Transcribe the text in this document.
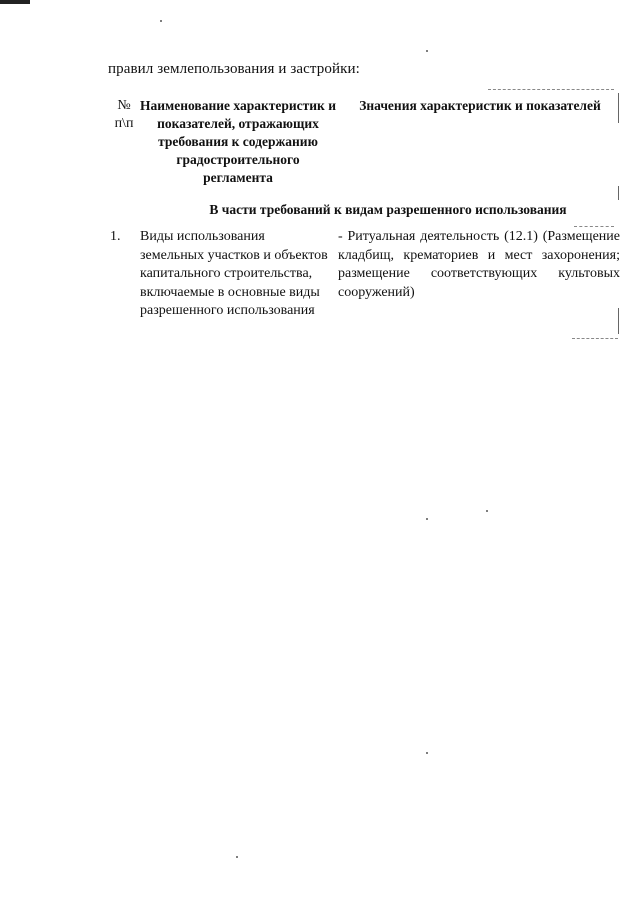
правил землепользования и застройки:
№ п\п
Наименование характеристик и показателей, отражающих требования к содержанию градостроительного регламента
Значения характеристик и показателей
В части требований к видам разрешенного использования
1.	Виды использования земельных участков и объектов капитального строительства, включаемые в основные виды разрешенного использования
- Ритуальная деятельность (12.1) (Размещение кладбищ, крематориев и мест захоронения; размещение соответствующих культовых сооружений)
